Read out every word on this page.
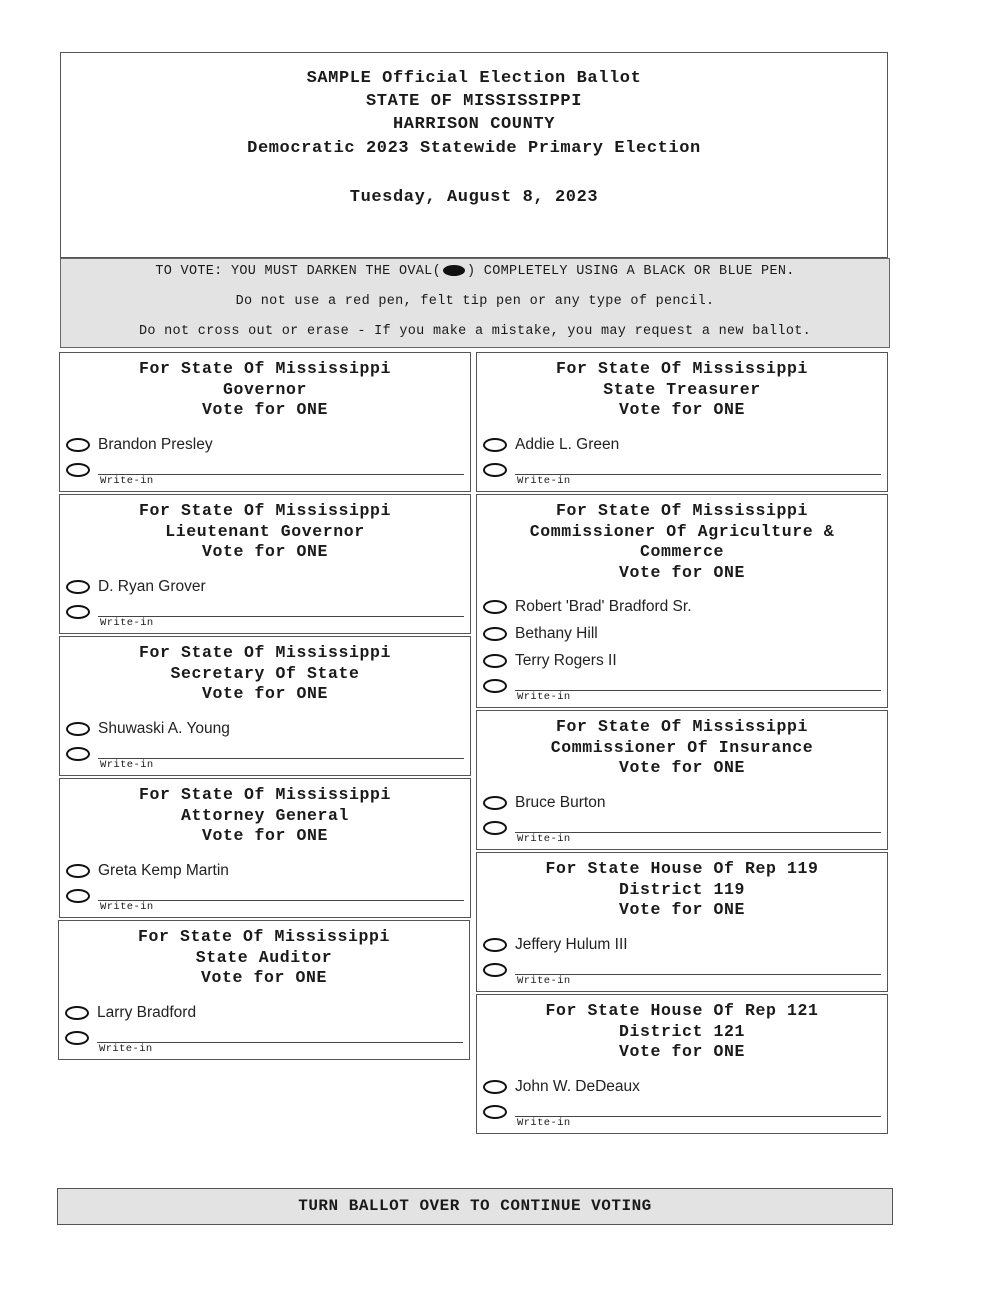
SAMPLE Official Election Ballot
STATE OF MISSISSIPPI
HARRISON COUNTY
Democratic 2023 Statewide Primary Election
Tuesday, August 8, 2023
TO VOTE: YOU MUST DARKEN THE OVAL( ) COMPLETELY USING A BLACK OR BLUE PEN.
Do not use a red pen, felt tip pen or any type of pencil.
Do not cross out or erase - If you make a mistake, you may request a new ballot.
For State Of Mississippi
Governor
Vote for ONE
Brandon Presley
Write-in
For State Of Mississippi
Lieutenant Governor
Vote for ONE
D. Ryan Grover
Write-in
For State Of Mississippi
Secretary Of State
Vote for ONE
Shuwaski A. Young
Write-in
For State Of Mississippi
Attorney General
Vote for ONE
Greta Kemp Martin
Write-in
For State Of Mississippi
State Auditor
Vote for ONE
Larry Bradford
Write-in
For State Of Mississippi
State Treasurer
Vote for ONE
Addie L. Green
Write-in
For State Of Mississippi
Commissioner Of Agriculture &
Commerce
Vote for ONE
Robert 'Brad' Bradford Sr.
Bethany Hill
Terry Rogers II
Write-in
For State Of Mississippi
Commissioner Of Insurance
Vote for ONE
Bruce Burton
Write-in
For State House Of Rep 119
District 119
Vote for ONE
Jeffery Hulum III
Write-in
For State House Of Rep 121
District 121
Vote for ONE
John W. DeDeaux
Write-in
TURN BALLOT OVER TO CONTINUE VOTING
